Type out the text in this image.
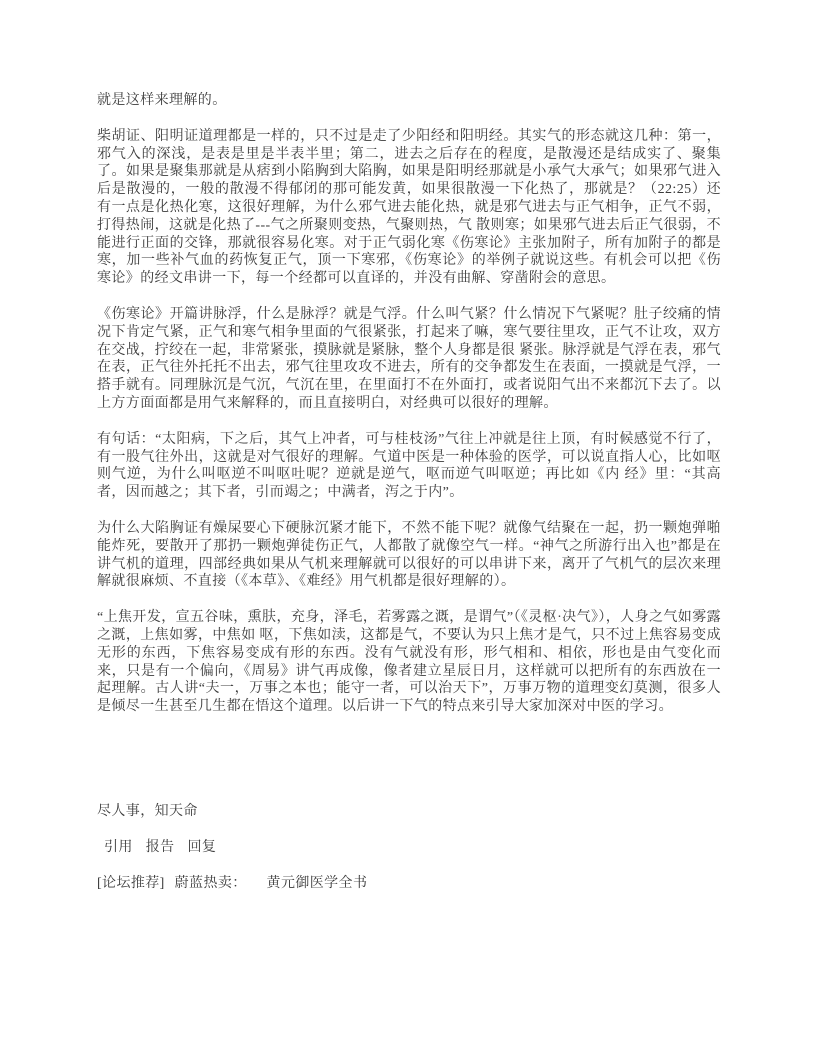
就是这样来理解的。

柴胡证、阳明证道理都是一样的，只不过是走了少阳经和阳明经。其实气的形态就这几种：第一，邪气入的深浅，是表是里是半表半里；第二，进去之后存在的程度，是散漫还是结成实了、聚集了。如果是聚集那就是从痞到小陷胸到大陷胸，如果是阳明经那就是小承气大承气；如果邪气进入后是散漫的，一般的散漫不得郁闭的那可能发黄，如果很散漫一下化热了，那就是？（22:25）还有一点是化热化寒，这很好理解，为什么邪气进去能化热，就是邪气进去与正气相争，正气不弱，打得热闹，这就是化热了---气之所聚则变热，气聚则热，气 散则寒；如果邪气进去后正气很弱，不能进行正面的交锋，那就很容易化寒。对于正气弱化寒《伤寒论》主张加附子，所有加附子的都是寒，加一些补气血的药恢复正气，顶一下寒邪，《伤寒论》的举例子就说这些。有机会可以把《伤寒论》的经文串讲一下，每一个经都可以直译的，并没有曲解、穿凿附会的意思。

《伤寒论》开篇讲脉浮，什么是脉浮？就是气浮。什么叫气紧？什么情况下气紧呢？肚子绞痛的情况下肯定气紧，正气和寒气相争里面的气很紧张，打起来了嘛，寒气要往里攻，正气不让攻，双方在交战，拧绞在一起，非常紧张，摸脉就是紧脉，整个人身都是很 紧张。脉浮就是气浮在表，邪气在表，正气往外托托不出去，邪气往里攻攻不进去，所有的交争都发生在表面，一摸就是气浮，一搭手就有。同理脉沉是气沉，气沉在里，在里面打不在外面打，或者说阳气出不来都沉下去了。以上方方面面都是用气来解释的，而且直接明白，对经典可以很好的理解。

有句话：“太阳病，下之后，其气上冲者，可与桂枝汤”气往上冲就是往上顶，有时候感觉不行了，有一股气往外出，这就是对气很好的理解。气道中医是一种体验的医学，可以说直指人心，比如呕则气逆，为什么叫呕逆不叫呕吐呢？逆就是逆气，呕而逆气叫呕逆；再比如《内 经》里：“其高者，因而越之；其下者，引而竭之；中满者，泻之于内”。

为什么大陷胸证有燥屎要心下硬脉沉紧才能下，不然不能下呢？就像气结聚在一起，扔一颗炮弹啪能炸死，要散开了那扔一颗炮弹徒伤正气，人都散了就像空气一样。“神气之所游行出入也”都是在讲气机的道理，四部经典如果从气机来理解就可以很好的可以串讲下来，离开了气机气的层次来理解就很麻烦、不直接（《本草》、《难经》用气机都是很好理解的）。

“上焦开发，宣五谷味，熏肤，充身，泽毛，若雾露之溉，是谓气”（《灵枢·决气》），人身之气如雾露之溉，上焦如雾，中焦如 呕，下焦如渎，这都是气，不要认为只上焦才是气，只不过上焦容易变成无形的东西，下焦容易变成有形的东西。没有气就没有形，形气相和、相依，形也是由气变化而来，只是有一个偏向，《周易》讲气再成像，像者建立星辰日月，这样就可以把所有的东西放在一起理解。古人讲“夫一，万事之本也；能守一者，可以治天下”，万事万物的道理变幻莫测，很多人是倾尽一生甚至几生都在悟这个道理。以后讲一下气的特点来引导大家加深对中医的学习。

尽人事，知天命

引用 报告 回复
[论坛推荐] 蔚蓝热卖： 黄元御医学全书
